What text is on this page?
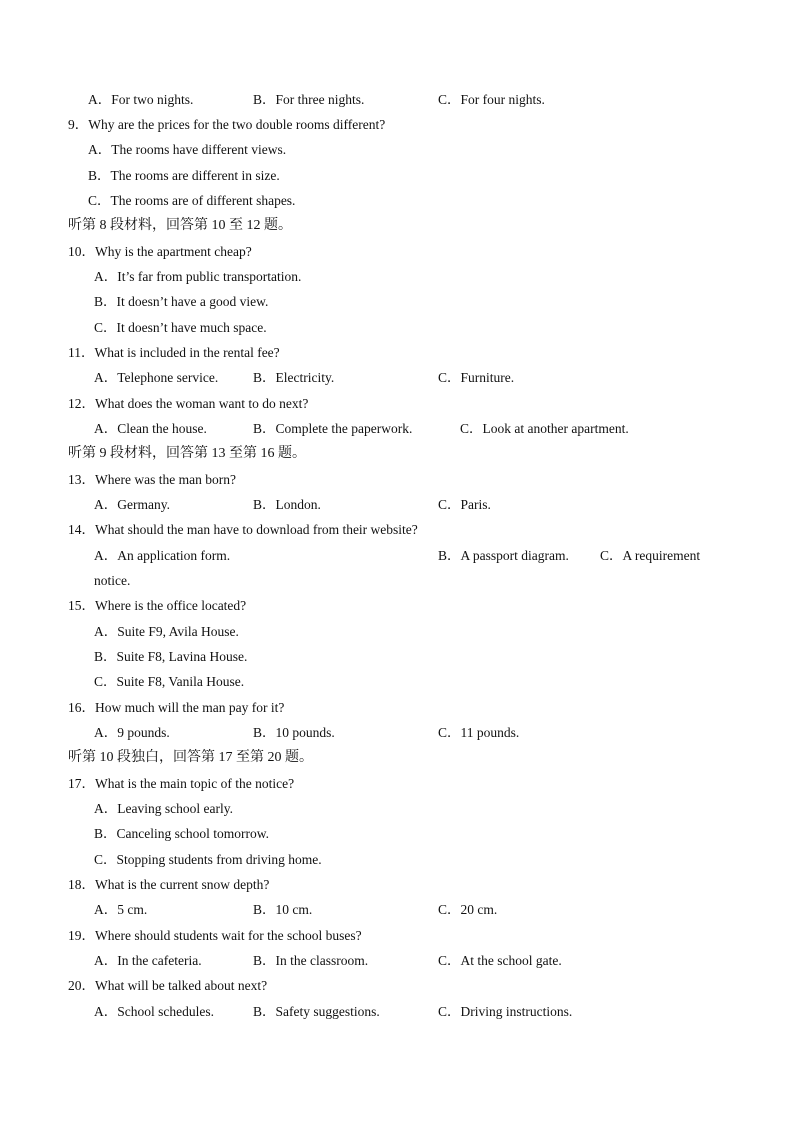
A．For two nights.	B．For three nights.	C．For four nights.
9．Why are the prices for the two double rooms different?
A．The rooms have different views.
B．The rooms are different in size.
C．The rooms are of different shapes.
听第 8 段材料，回答第 10 至 12 题。
10．Why is the apartment cheap?
A．It’s far from public transportation.
B．It doesn’t have a good view.
C．It doesn’t have much space.
11．What is included in the rental fee?
A．Telephone service.	B．Electricity.	C．Furniture.
12．What does the woman want to do next?
A．Clean the house.	B．Complete the paperwork.	C．Look at another apartment.
听第 9 段材料，回答第 13 至第 16 题。
13．Where was the man born?
A．Germany.	B．London.	C．Paris.
14．What should the man have to download from their website?
A．An application form.	B．A passport diagram. C．A requirement
notice.
15．Where is the office located?
A．Suite F9, Avila House.
B．Suite F8, Lavina House.
C．Suite F8, Vanila House.
16．How much will the man pay for it?
A．9 pounds.	B．10 pounds.	C．11 pounds.
听第 10 段独白，回答第 17 至第 20 题。
17．What is the main topic of the notice?
A．Leaving school early.
B．Canceling school tomorrow.
C．Stopping students from driving home.
18．What is the current snow depth?
A．5 cm.	B．10 cm.	C．20 cm.
19．Where should students wait for the school buses?
A．In the cafeteria.	B．In the classroom.	C．At the school gate.
20．What will be talked about next?
A．School schedules.	B．Safety suggestions.	C．Driving instructions.
